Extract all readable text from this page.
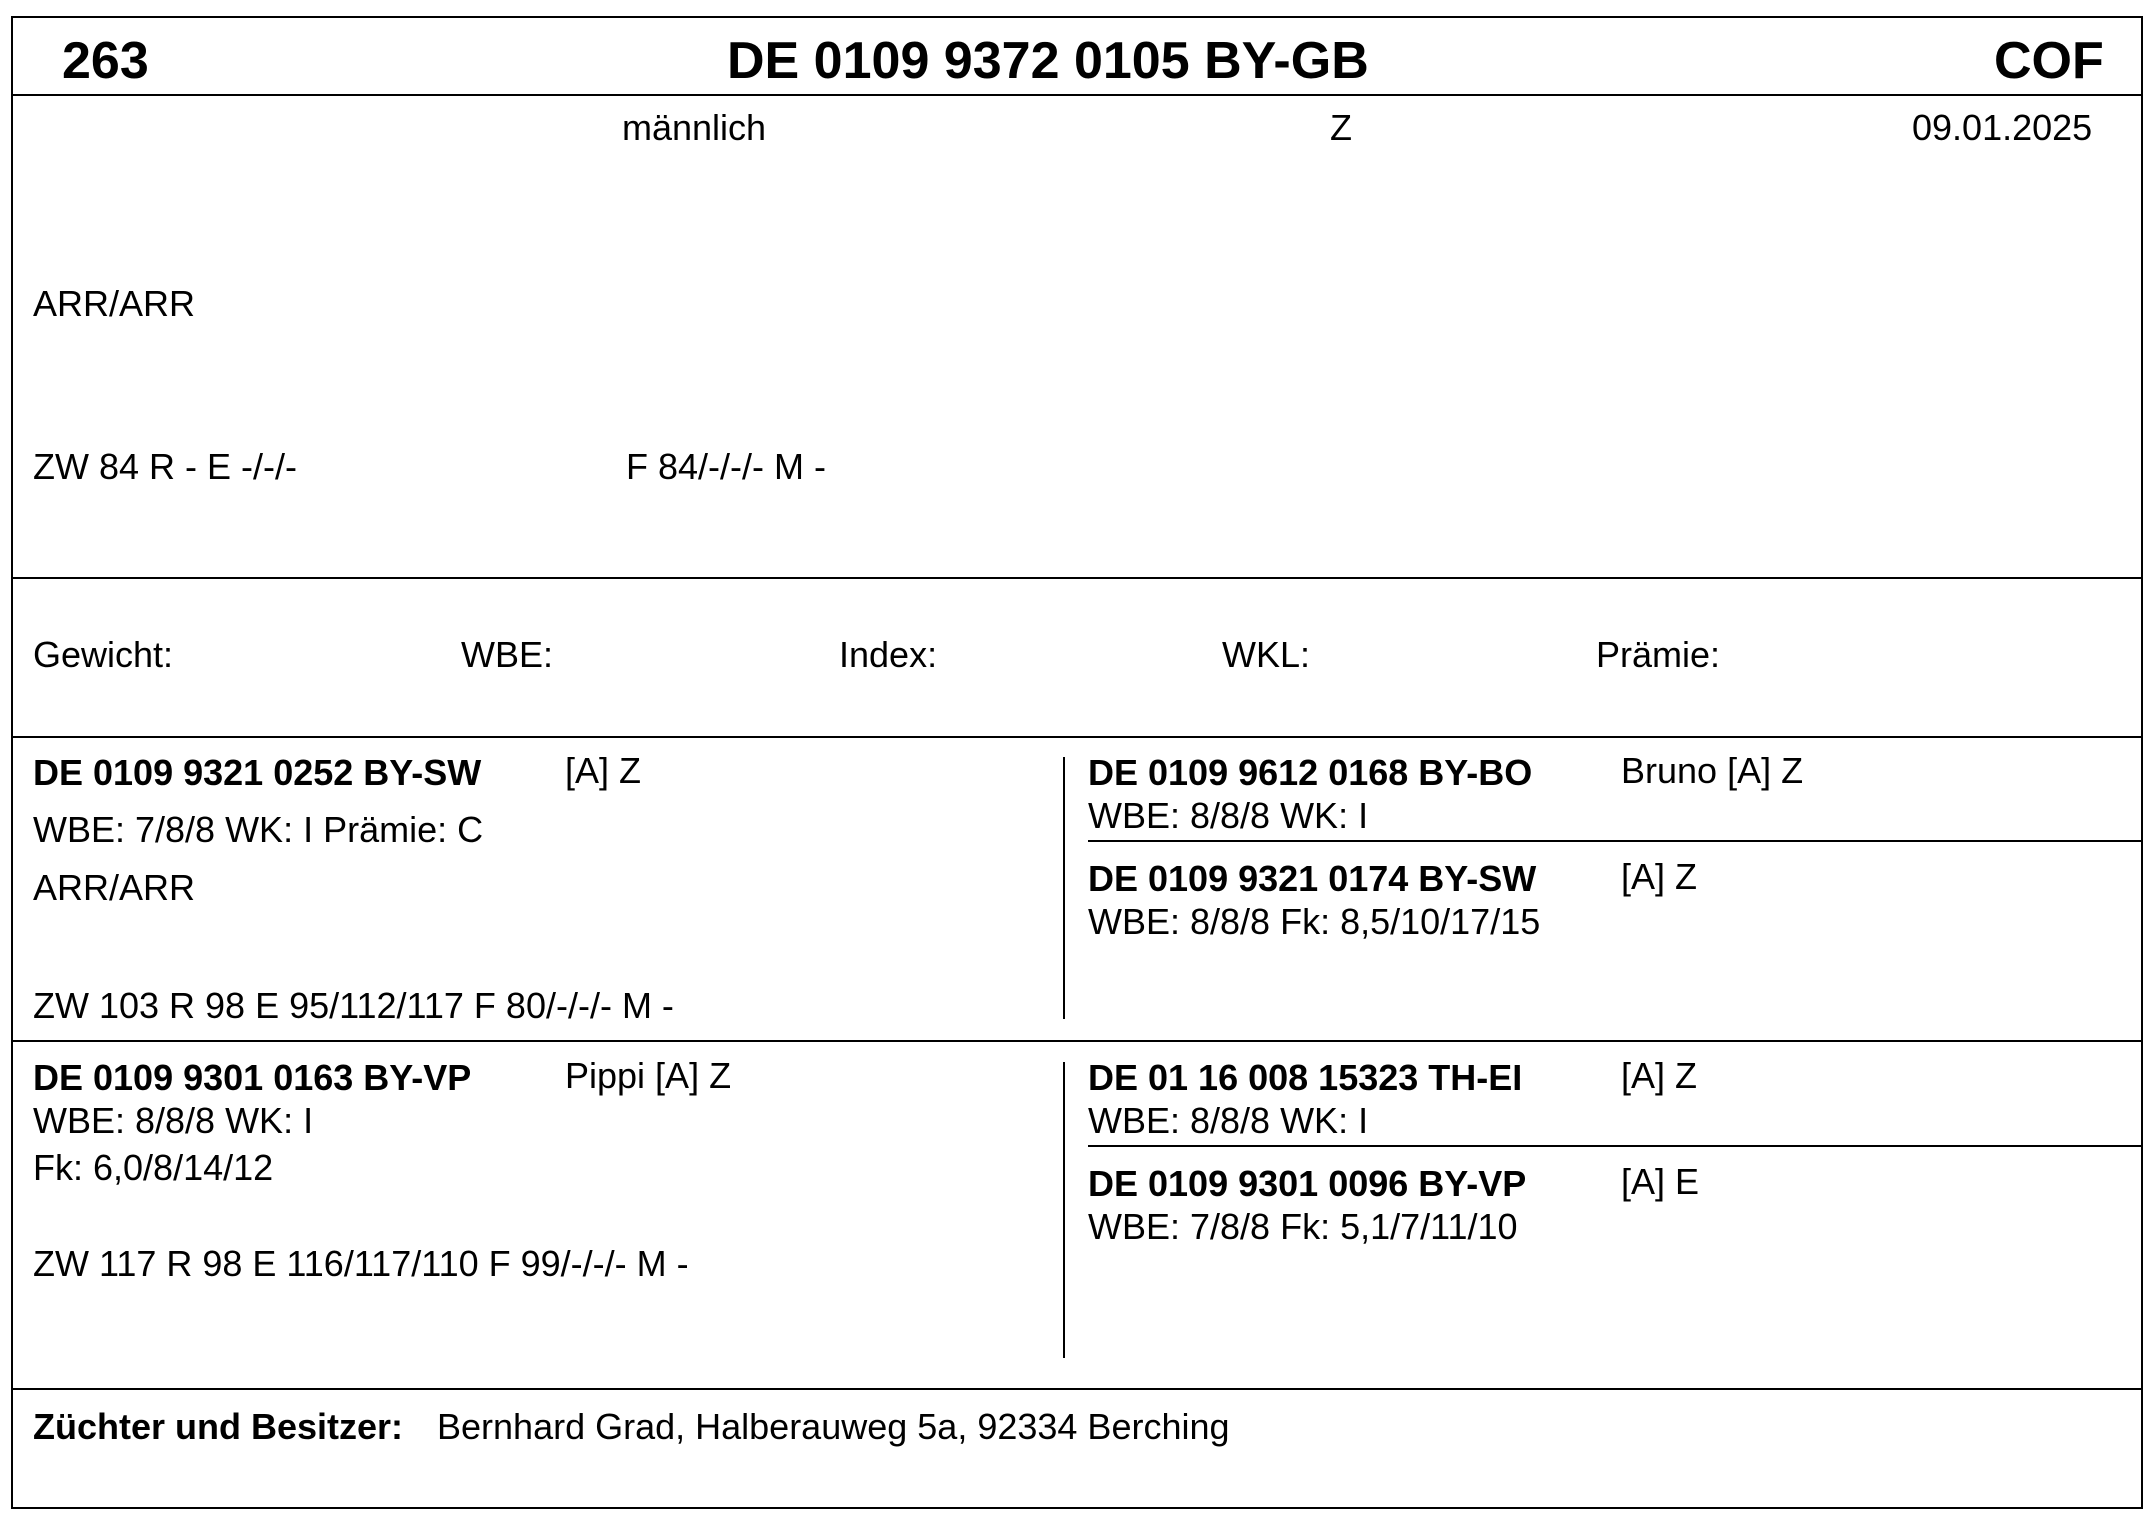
263	DE 0109 9372 0105 BY-GB	COF
männlich	Z	09.01.2025
ARR/ARR
ZW 84 R - E -/-/-	F 84/-/-/- M -
Gewicht:	WBE:	Index:	WKL:	Prämie:
DE 0109 9321 0252 BY-SW [A] Z
WBE: 7/8/8 WK: I Prämie: C
ARR/ARR
ZW 103 R 98 E 95/112/117 F 80/-/-/- M -
DE 0109 9612 0168 BY-BO Bruno [A] Z
WBE: 8/8/8 WK: I
DE 0109 9321 0174 BY-SW [A] Z
WBE: 8/8/8 Fk: 8,5/10/17/15
DE 0109 9301 0163 BY-VP	Pippi [A] Z
WBE: 8/8/8 WK: I
Fk: 6,0/8/14/12
ZW 117 R 98 E 116/117/110 F 99/-/-/- M -
DE 01 16 008 15323 TH-EI	[A] Z
WBE: 8/8/8 WK: I
DE 0109 9301 0096 BY-VP	[A] E
WBE: 7/8/8 Fk: 5,1/7/11/10
Züchter und Besitzer: Bernhard Grad, Halberauweg 5a, 92334 Berching
